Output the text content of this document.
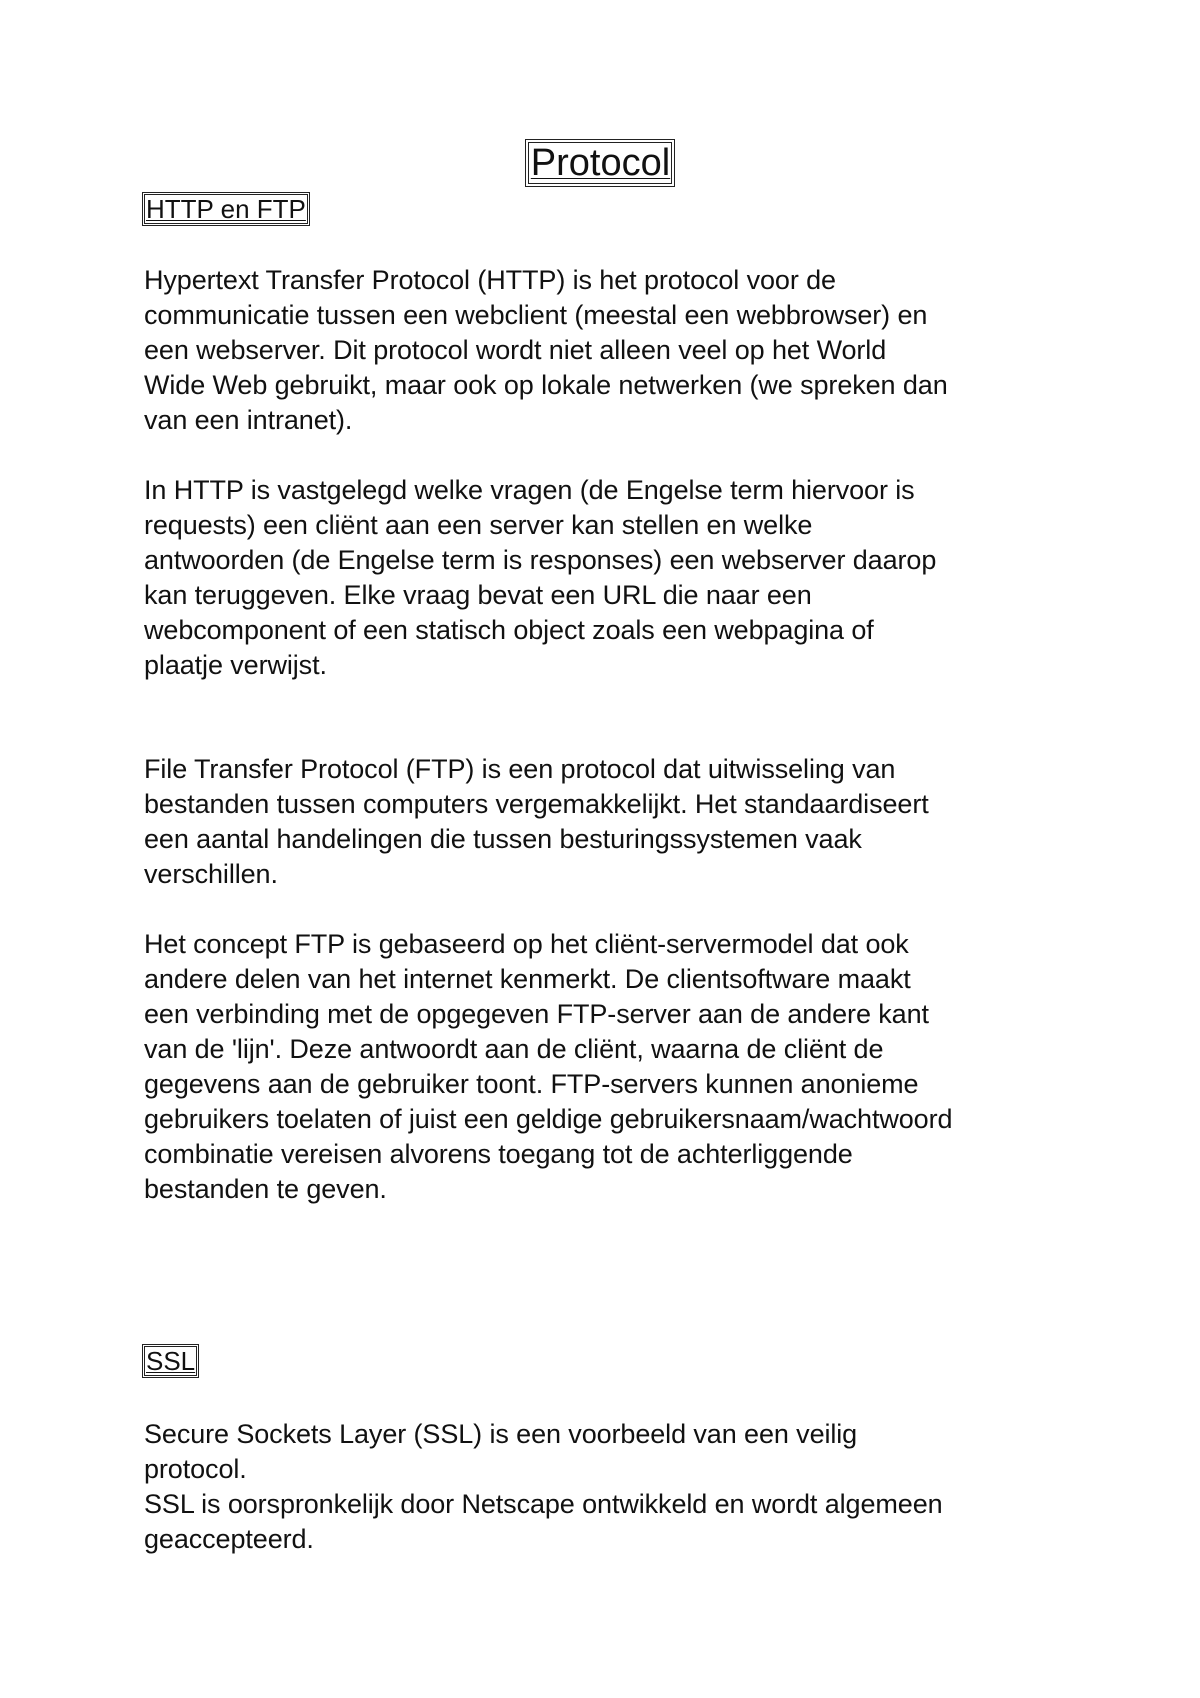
Protocol
HTTP en FTP

Hypertext Transfer Protocol (HTTP) is het protocol voor de
communicatie tussen een webclient (meestal een webbrowser) en
een webserver. Dit protocol wordt niet alleen veel op het World
Wide Web gebruikt, maar ook op lokale netwerken (we spreken dan
van een intranet).

In HTTP is vastgelegd welke vragen (de Engelse term hiervoor is
requests) een cliënt aan een server kan stellen en welke
antwoorden (de Engelse term is responses) een webserver daarop
kan teruggeven. Elke vraag bevat een URL die naar een
webcomponent of een statisch object zoals een webpagina of
plaatje verwijst.

File Transfer Protocol (FTP) is een protocol dat uitwisseling van
bestanden tussen computers vergemakkelijkt. Het standaardiseert
een aantal handelingen die tussen besturingssystemen vaak
verschillen.

Het concept FTP is gebaseerd op het cliënt-servermodel dat ook
andere delen van het internet kenmerkt. De clientsoftware maakt
een verbinding met de opgegeven FTP-server aan de andere kant
van de 'lijn'. Deze antwoordt aan de cliënt, waarna de cliënt de
gegevens aan de gebruiker toont. FTP-servers kunnen anonieme
gebruikers toelaten of juist een geldige gebruikersnaam/wachtwoord
combinatie vereisen alvorens toegang tot de achterliggende
bestanden te geven.

SSL

Secure Sockets Layer (SSL) is een voorbeeld van een veilig
protocol.
SSL is oorspronkelijk door Netscape ontwikkeld en wordt algemeen
geaccepteerd.
